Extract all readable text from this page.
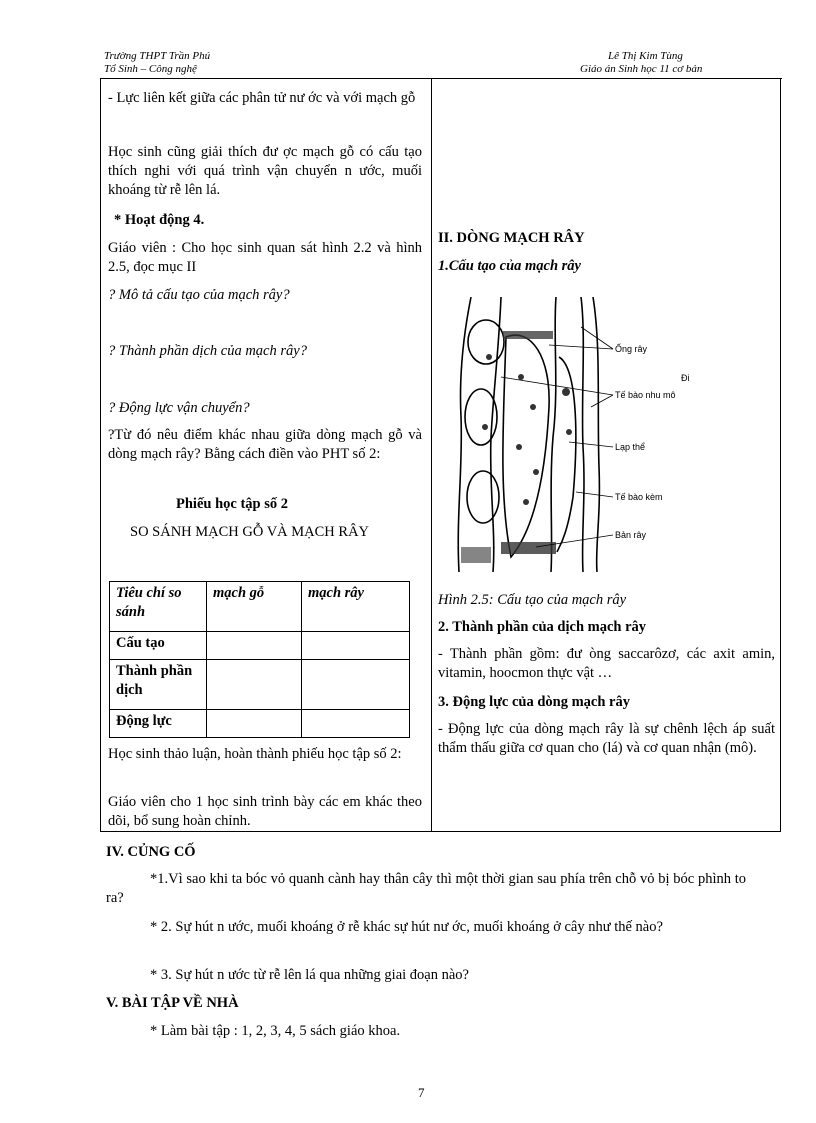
Trường THPT Trần Phú
Tổ Sinh – Công nghệ
Lê Thị Kim Tùng
Giáo án Sinh học 11 cơ bản

- Lực liên kết giữa các phân tử nư ớc và với mạch gỗ

Học sinh cũng giải thích đư ợc mạch gỗ có cấu tạo thích nghi với quá trình vận chuyển n ước, muối khoáng từ rễ lên lá.

* Hoạt động 4.

Giáo viên : Cho học sinh quan sát hình 2.2 và hình 2.5, đọc mục II

? Mô tả cấu tạo của mạch rây?

? Thành phần dịch của mạch rây?

? Động lực vận chuyển?

?Từ đó nêu điểm khác nhau giữa dòng mạch gỗ và dòng mạch rây? Bằng cách điền vào PHT số 2:

Phiếu học tập số 2

SO SÁNH MẠCH GỖ VÀ MẠCH RÂY

Tiêu chí so sánh	mạch gỗ	mạch rây
Cấu tạo		
Thành phần dịch		
Động lực		

Học sinh thảo luận, hoàn thành phiếu học tập số 2:

Giáo viên cho 1 học sinh trình bày các em khác theo dõi, bổ sung hoàn chỉnh.

II. DÒNG MẠCH RÂY

1.Cấu tạo của mạch rây

Ống rây
Tế bào nhu mô
Lạp thể
Tế bào kèm
Bản rây
Đi

Hình 2.5: Cấu tạo của mạch rây

2. Thành phần của dịch mạch rây

- Thành phần gồm: đư òng saccarôzơ, các axit amin, vitamin, hoocmon thực vật …

3. Động lực của dòng mạch rây

- Động lực của dòng mạch rây là sự chênh lệch áp suất thẩm thấu giữa cơ quan cho (lá) và cơ quan nhận (mô).

IV. CỦNG CỐ

*1.Vì sao khi ta bóc vỏ quanh cành hay thân cây thì một thời gian sau phía trên chỗ vỏ bị bóc phình to ra?

* 2. Sự hút n ước, muối khoáng ở rễ khác sự hút nư ớc, muối khoáng ở cây như thế nào?

* 3. Sự hút n ước từ rễ lên lá qua những giai đoạn nào?

V. BÀI TẬP VỀ NHÀ

* Làm bài tập : 1, 2, 3, 4, 5 sách giáo khoa.

7
